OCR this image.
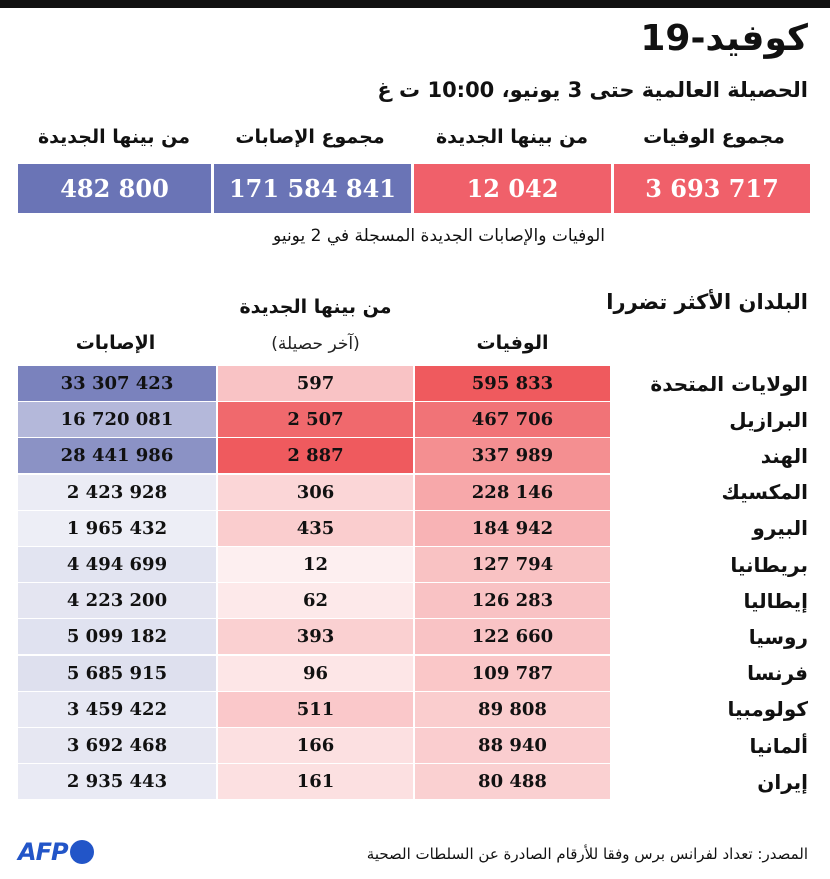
كوفيد-19
الحصيلة العالمية حتى 3 يونيو، 10:00 ت غ
مجموع الوفيات
من بينها الجديدة
مجموع الإصابات
من بينها الجديدة
3 693 717
12 042
171 584 841
482 800
الوفيات والإصابات الجديدة المسجلة في 2 يونيو
البلدان الأكثر تضررا
الوفيات
من بينها الجديدة
(آخر حصيلة)
الإصابات
الولايات المتحدة
595 833
597
33 307 423
البرازيل
467 706
2 507
16 720 081
الهند
337 989
2 887
28 441 986
المكسيك
228 146
306
2 423 928
البيرو
184 942
435
1 965 432
بريطانيا
127 794
12
4 494 699
إيطاليا
126 283
62
4 223 200
روسيا
122 660
393
5 099 182
فرنسا
109 787
96
5 685 915
كولومبيا
89 808
511
3 459 422
ألمانيا
88 940
166
3 692 468
إيران
80 488
161
2 935 443
AFP	المصدر: تعداد لفرانس برس وفقا للأرقام الصادرة عن السلطات الصحية
